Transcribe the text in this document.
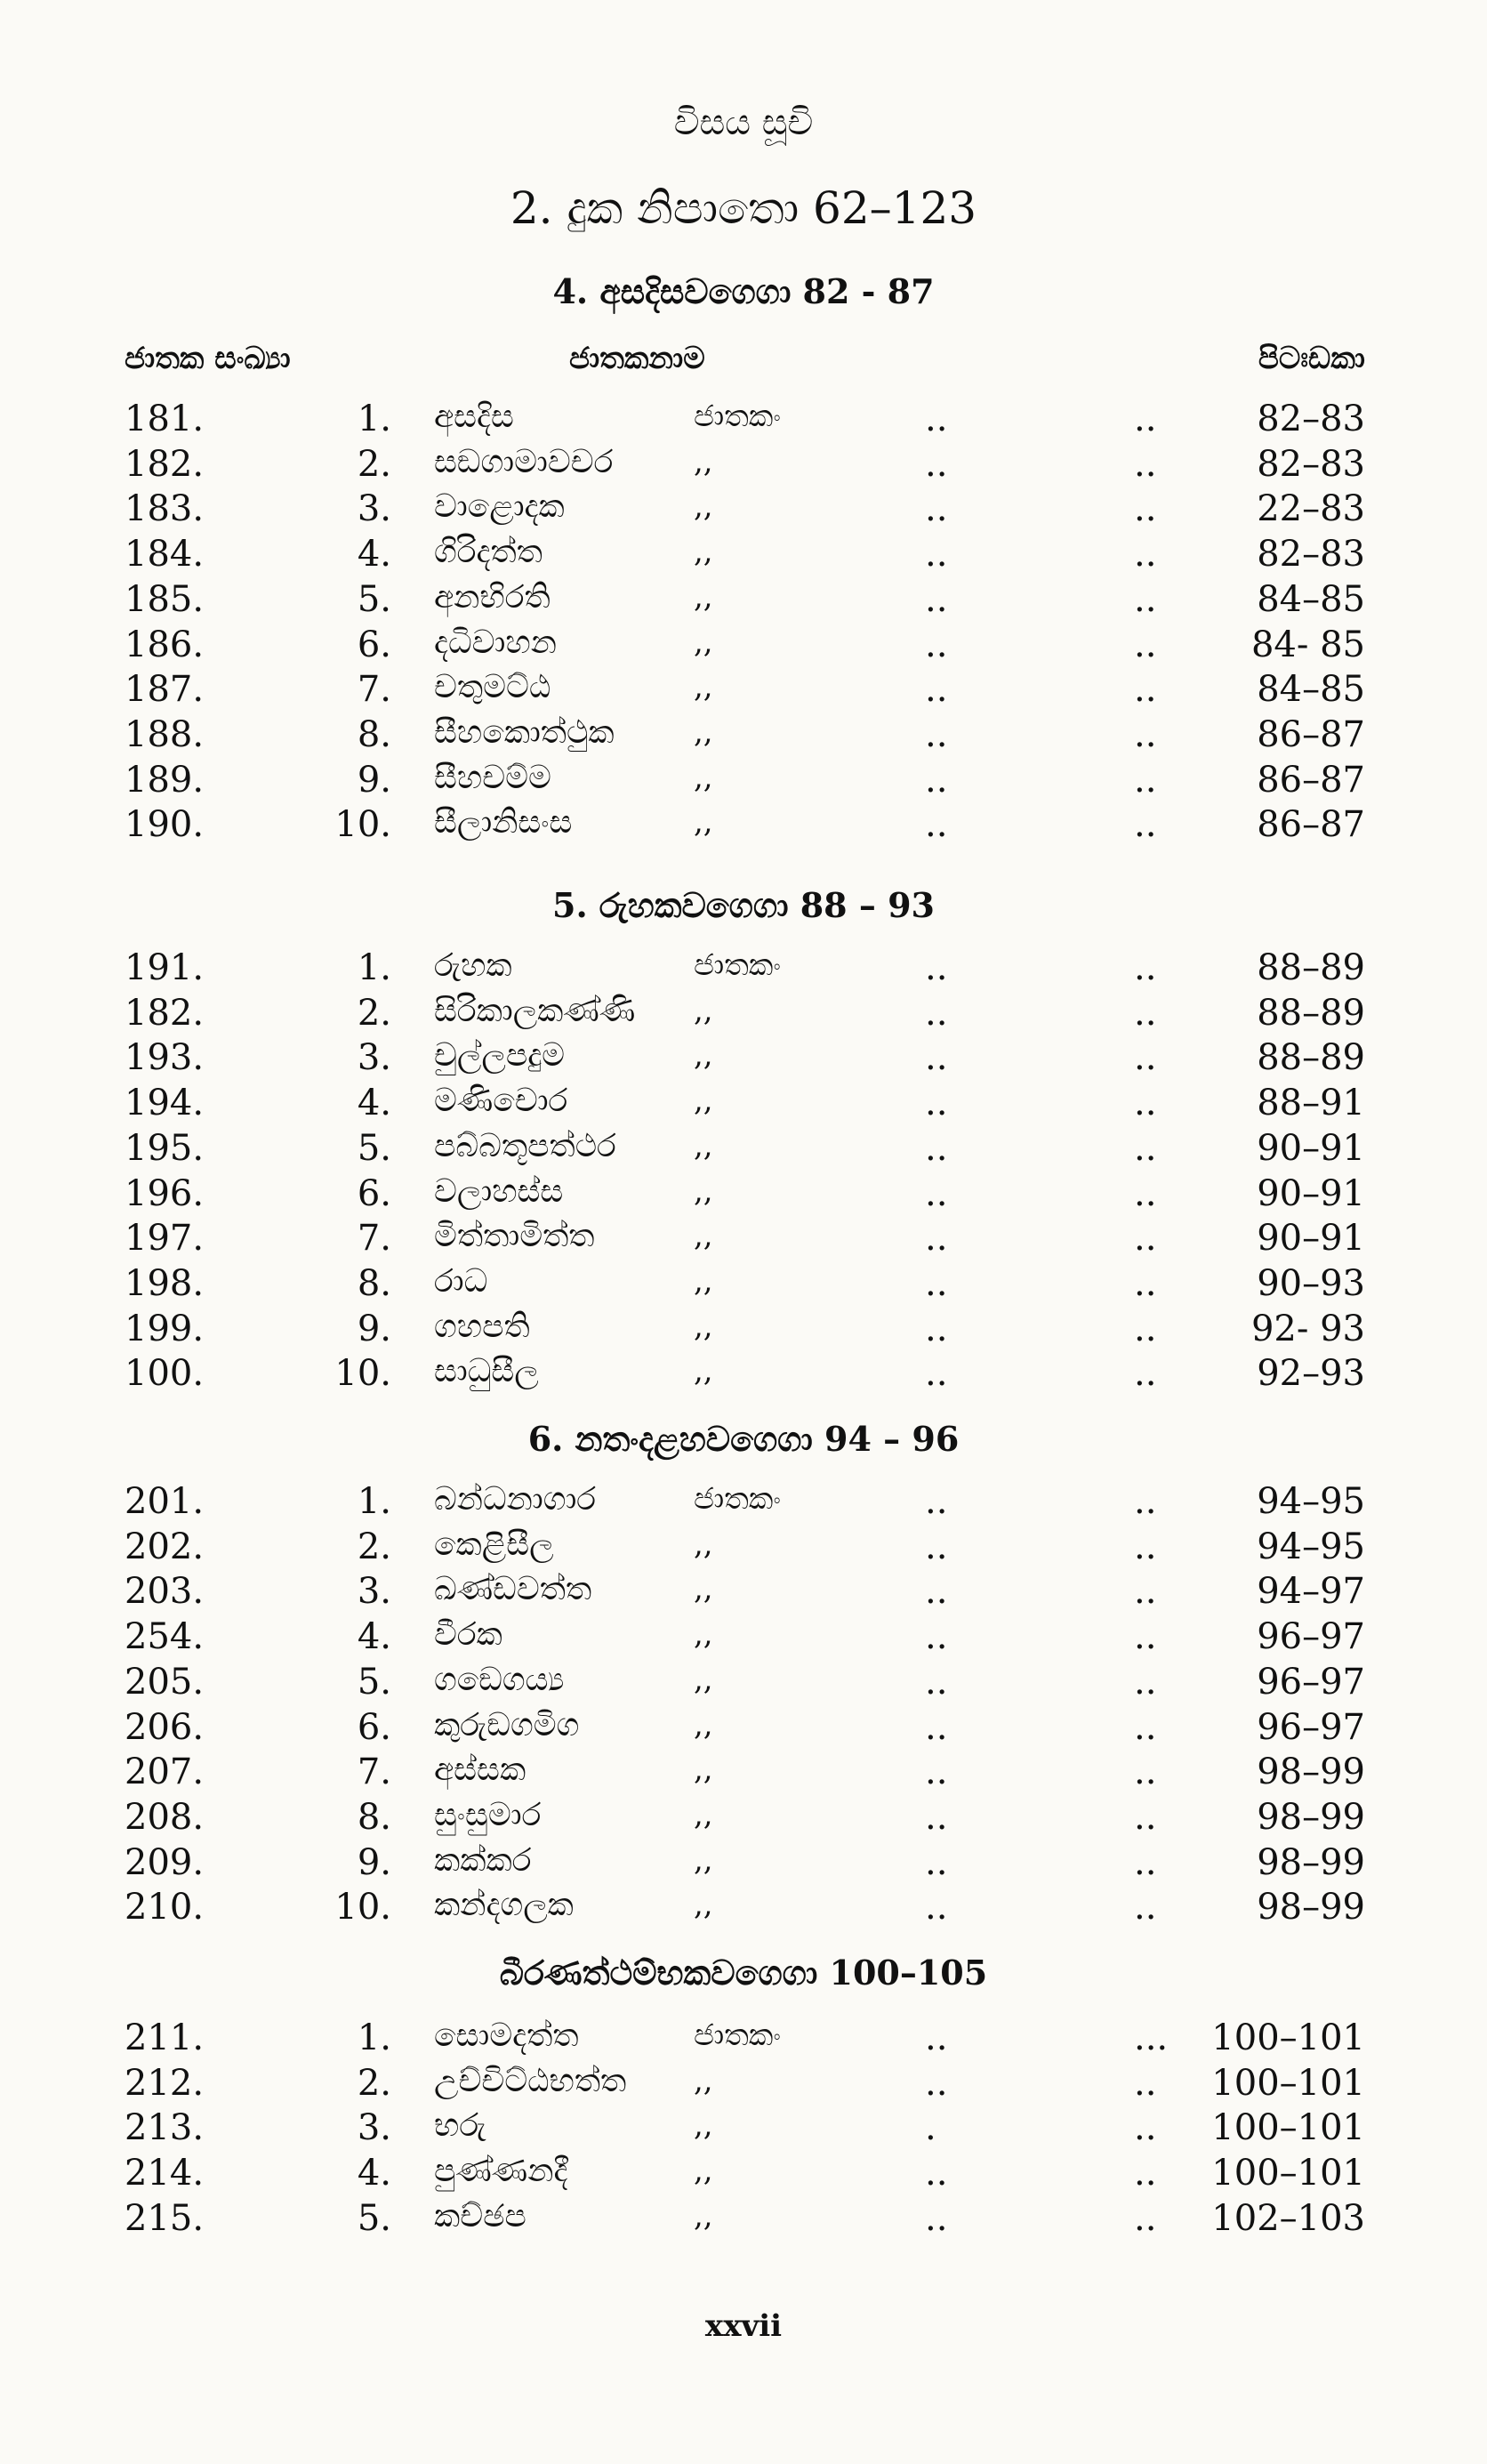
විසය සූචි
2. දුක නිපාතො 62–123
ජාතක සංඛ්‍යා	ජාතකනාම	පිටඃඩකා
4. අසදිසවගෙගා 82 - 87
181.	1. අසදිස	ජාතකං	..	..	82–83
182.	2. සඞගාමාවචර	,,	..	..	82–83
183.	3. වාළොදක	,,	..	..	22–83
184.	4. ගිරිදත්ත	,,	..	..	82–83
185.	5. අනභිරති	,,	..	..	84–85
186.	6. දධිවාහන	,,	..	..	84- 85
187.	7. චතුමට්ඨ	,,	..	..	84–85
188.	8. සීහකොත්ථුක	,,	..	..	86–87
189.	9. සීහචම්ම	,,	..	..	86–87
190.	10. සීලානිසංස	,,	..	..	86–87
5. රුහකවගෙගා 88 – 93
191.	1. රුහක	ජාතකං	..	..	88–89
182.	2. සිරිකාලකණ්ණි	,,	..	..	88–89
193.	3. චුල්ලපදුම	,,	..	..	88–89
194.	4. මණිචොර	,,	..	..	88–91
195.	5. පබ්බතූපත්ථර	,,	..	..	90–91
196.	6. වලාහස්ස	,,	..	..	90–91
197.	7. මිත්තාමිත්ත	,,	..	..	90–91
198.	8. රාධ	,,	..	..	90–93
199.	9. ගහපති	,,	..	..	92- 93
100.	10. සාධුසීල	,,	..	..	92–93
6. නතංදළහවගෙගා 94 – 96
201.	1. බන්ධනාගාර	ජාතකං	..	..	94–95
202.	2. කෙළිසීල	,,	..	..	94–95
203.	3. ඛණ්ඩවත්ත	,,	..	..	94–97
254.	4. වීරක	,,	..	..	96–97
205.	5. ගඞෙගය්‍ය	,,	..	..	96–97
206.	6. කුරුඞගමිග	,,	..	..	96–97
207.	7. අස්සක	,,	..	..	98–99
208.	8. සුංසුමාර	,,	..	..	98–99
209.	9. කක්කර	,,	..	..	98–99
210.	10. කන්දගලක	,,	..	..	98–99
බීරණත්ථම්භකවගෙගා 100–105
211.	1. සොමදත්ත	ජාතකං	..	...	100–101
212.	2. උච්චිට්ඨභත්ත	,,	..	..	100–101
213.	3. භරු	,,	.	..	100–101
214.	4. පුණ්ණනදී	,,	..	..	100–101
215.	5. කච්ඡප	,,	..	..	102–103
xxvii
